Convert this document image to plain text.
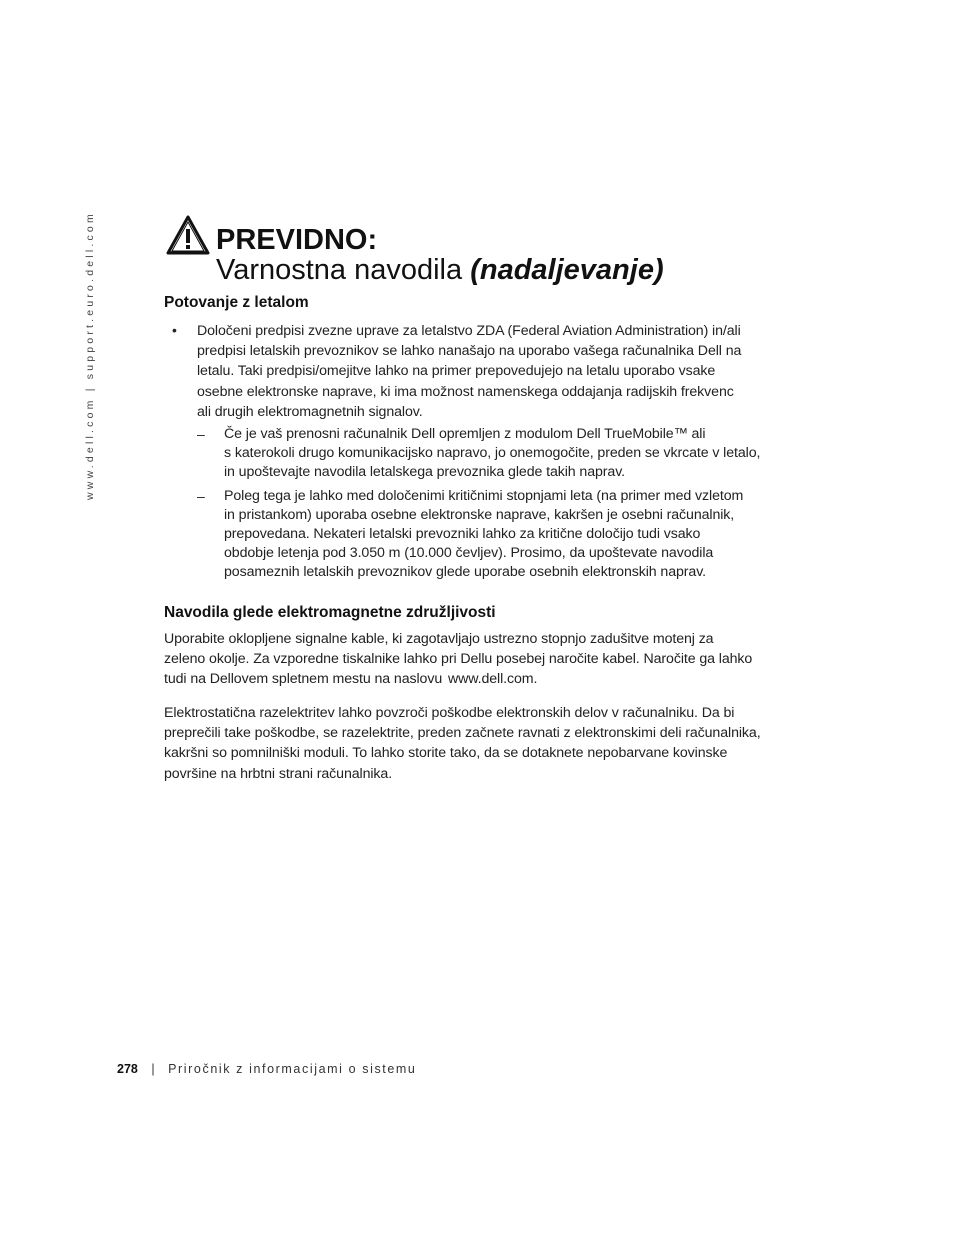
www.dell.com | support.euro.dell.com	PREVIDNO:
Varnostna navodila (nadaljevanje)
Potovanje z letalom
• Določeni predpisi zvezne uprave za letalstvo ZDA (Federal Aviation Administration) in/ali
predpisi letalskih prevoznikov se lahko nanašajo na uporabo vašega računalnika Dell na
letalu. Taki predpisi/omejitve lahko na primer prepovedujejo na letalu uporabo vsake
osebne elektronske naprave, ki ima možnost namenskega oddajanja radijskih frekvenc
ali drugih elektromagnetnih signalov.
– Če je vaš prenosni računalnik Dell opremljen z modulom Dell TrueMobile™ ali
s katerokoli drugo komunikacijsko napravo, jo onemogočite, preden se vkrcate v letalo,
in upoštevajte navodila letalskega prevoznika glede takih naprav.
– Poleg tega je lahko med določenimi kritičnimi stopnjami leta (na primer med vzletom
in pristankom) uporaba osebne elektronske naprave, kakršen je osebni računalnik,
prepovedana. Nekateri letalski prevozniki lahko za kritične določijo tudi vsako
obdobje letenja pod 3.050 m (10.000 čevljev). Prosimo, da upoštevate navodila
posameznih letalskih prevoznikov glede uporabe osebnih elektronskih naprav.
Navodila glede elektromagnetne združljivosti
Uporabite oklopljene signalne kable, ki zagotavljajo ustrezno stopnjo zadušitve motenj za
zeleno okolje. Za vzporedne tiskalnike lahko pri Dellu posebej naročite kabel. Naročite ga lahko
tudi na Dellovem spletnem mestu na naslovu www.dell.com.
Elektrostatična razelektritev lahko povzroči poškodbe elektronskih delov v računalniku. Da bi
preprečili take poškodbe, se razelektrite, preden začnete ravnati z elektronskimi deli računalnika,
kakršni so pomnilniški moduli. To lahko storite tako, da se dotaknete nepobarvane kovinske
površine na hrbtni strani računalnika.
278 | Priročnik z informacijami o sistemu
